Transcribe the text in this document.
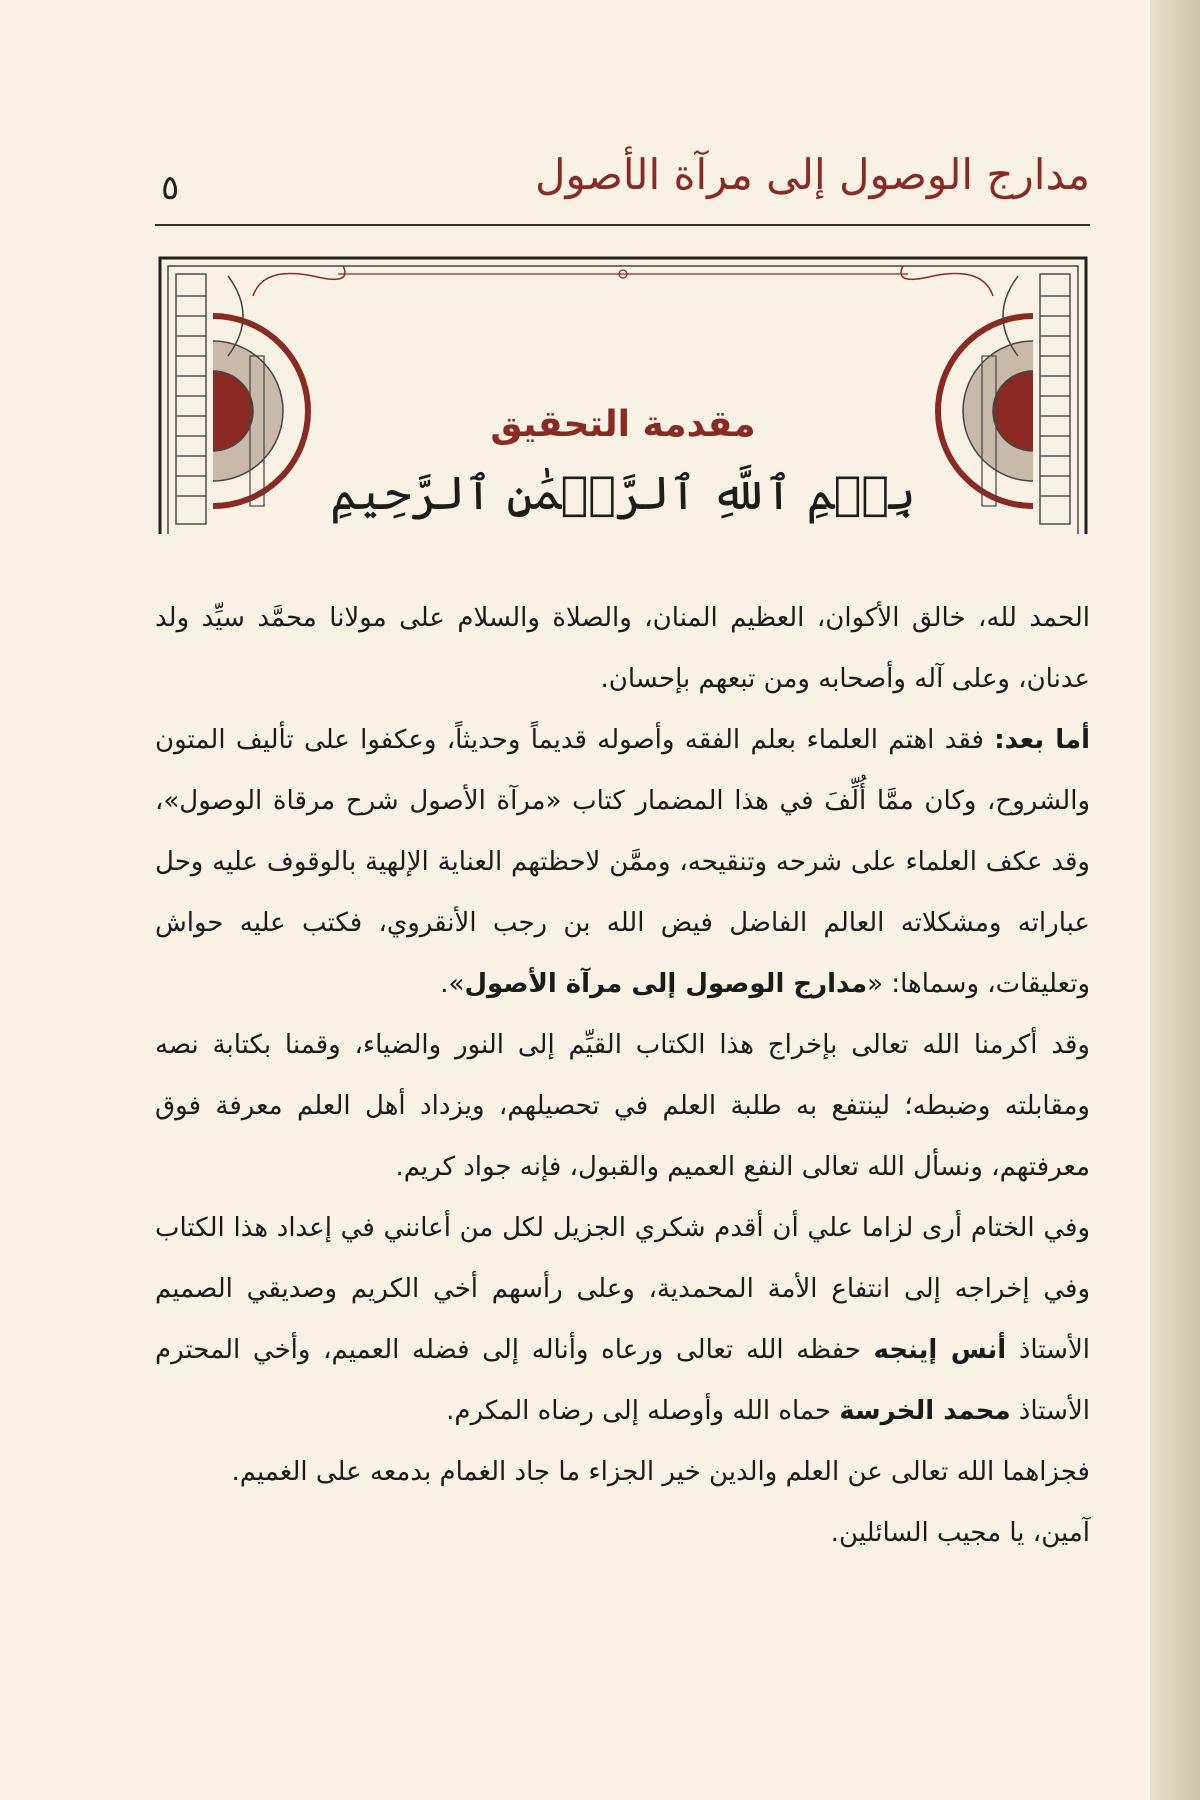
مدارج الوصول إلى مرآة الأصول
٥
مقدمة التحقيق
بِسۡمِ ٱللَّهِ ٱلرَّحۡمَٰنِ ٱلرَّحِيمِ

الحمد لله، خالق الأكوان، العظيم المنان، والصلاة والسلام على مولانا محمَّد سيِّد ولد عدنان، وعلى آله وأصحابه ومن تبعهم بإحسان.

أما بعد: فقد اهتم العلماء بعلم الفقه وأصوله قديماً وحديثاً، وعكفوا على تأليف المتون والشروح، وكان ممَّا أُلِّفَ في هذا المضمار كتاب «مرآة الأصول شرح مرقاة الوصول»، وقد عكف العلماء على شرحه وتنقيحه، وممَّن لاحظتهم العناية الإلهية بالوقوف عليه وحل عباراته ومشكلاته العالم الفاضل فيض الله بن رجب الأنقروي، فكتب عليه حواش وتعليقات، وسماها: «مدارج الوصول إلى مرآة الأصول».

وقد أكرمنا الله تعالى بإخراج هذا الكتاب القيِّم إلى النور والضياء، وقمنا بكتابة نصه ومقابلته وضبطه؛ لينتفع به طلبة العلم في تحصيلهم، ويزداد أهل العلم معرفة فوق معرفتهم، ونسأل الله تعالى النفع العميم والقبول، فإنه جواد كريم.

وفي الختام أرى لزاما علي أن أقدم شكري الجزيل لكل من أعانني في إعداد هذا الكتاب وفي إخراجه إلى انتفاع الأمة المحمدية، وعلى رأسهم أخي الكريم وصديقي الصميم الأستاذ أنس إينجه حفظه الله تعالى ورعاه وأناله إلى فضله العميم، وأخي المحترم الأستاذ محمد الخرسة حماه الله وأوصله إلى رضاه المكرم.

فجزاهما الله تعالى عن العلم والدين خير الجزاء ما جاد الغمام بدمعه على الغميم.

آمين، يا مجيب السائلين.
